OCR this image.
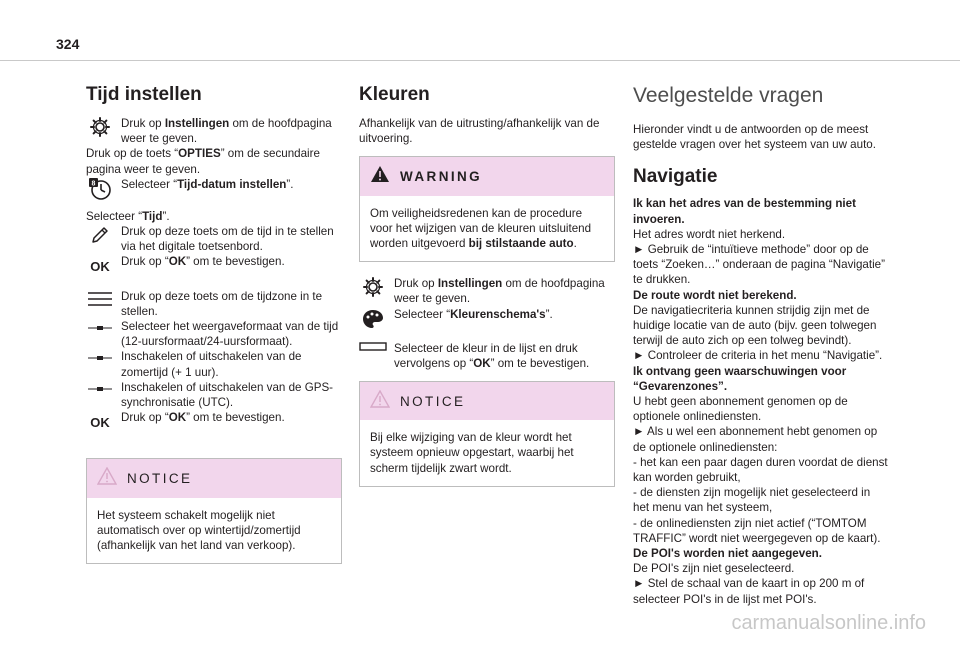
324
Tijd instellen

Druk op Instellingen om de hoofdpagina weer te geven.

Druk op de toets “OPTIES” om de secundaire pagina weer te geven.

8 Selecteer “Tijd-datum instellen”.

Selecteer “Tijd”.

Druk op deze toets om de tijd in te stellen via het digitale toetsenbord.

OK Druk op “OK” om te bevestigen.

Druk op deze toets om de tijdzone in te stellen.

Selecteer het weergaveformaat van de tijd (12-uursformaat/24-uursformaat).

Inschakelen of uitschakelen van de zomertijd (+ 1 uur).

Inschakelen of uitschakelen van de GPS-synchronisatie (UTC).

OK Druk op “OK” om te bevestigen.

NOTICE
Het systeem schakelt mogelijk niet automatisch over op wintertijd/zomertijd (afhankelijk van het land van verkoop).
Kleuren

Afhankelijk van de uitrusting/afhankelijk van de uitvoering.

WARNING
Om veiligheidsredenen kan de procedure voor het wijzigen van de kleuren uitsluitend worden uitgevoerd bij stilstaande auto.

Druk op Instellingen om de hoofdpagina weer te geven.

Selecteer “Kleurenschema's”.

Selecteer de kleur in de lijst en druk vervolgens op “OK” om te bevestigen.

NOTICE
Bij elke wijziging van de kleur wordt het systeem opnieuw opgestart, waarbij het scherm tijdelijk zwart wordt.
Veelgestelde vragen

Hieronder vindt u de antwoorden op de meest gestelde vragen over het systeem van uw auto.

Navigatie

Ik kan het adres van de bestemming niet invoeren.

Het adres wordt niet herkend.

► Gebruik de “intuïtieve methode” door op de toets “Zoeken…” onderaan de pagina “Navigatie” te drukken.

De route wordt niet berekend.

De navigatiecriteria kunnen strijdig zijn met de huidige locatie van de auto (bijv. geen tolwegen terwijl de auto zich op een tolweg bevindt).

► Controleer de criteria in het menu “Navigatie”.

Ik ontvang geen waarschuwingen voor “Gevarenzones”.

U hebt geen abonnement genomen op de optionele onlinediensten.

► Als u wel een abonnement hebt genomen op de optionele onlinediensten:

- het kan een paar dagen duren voordat de dienst kan worden gebruikt,

- de diensten zijn mogelijk niet geselecteerd in het menu van het systeem,

- de onlinediensten zijn niet actief (“TOMTOM TRAFFIC” wordt niet weergegeven op de kaart).

De POI's worden niet aangegeven.

De POI's zijn niet geselecteerd.

► Stel de schaal van de kaart in op 200 m of selecteer POI's in de lijst met POI's.

carmanualsonline.info
